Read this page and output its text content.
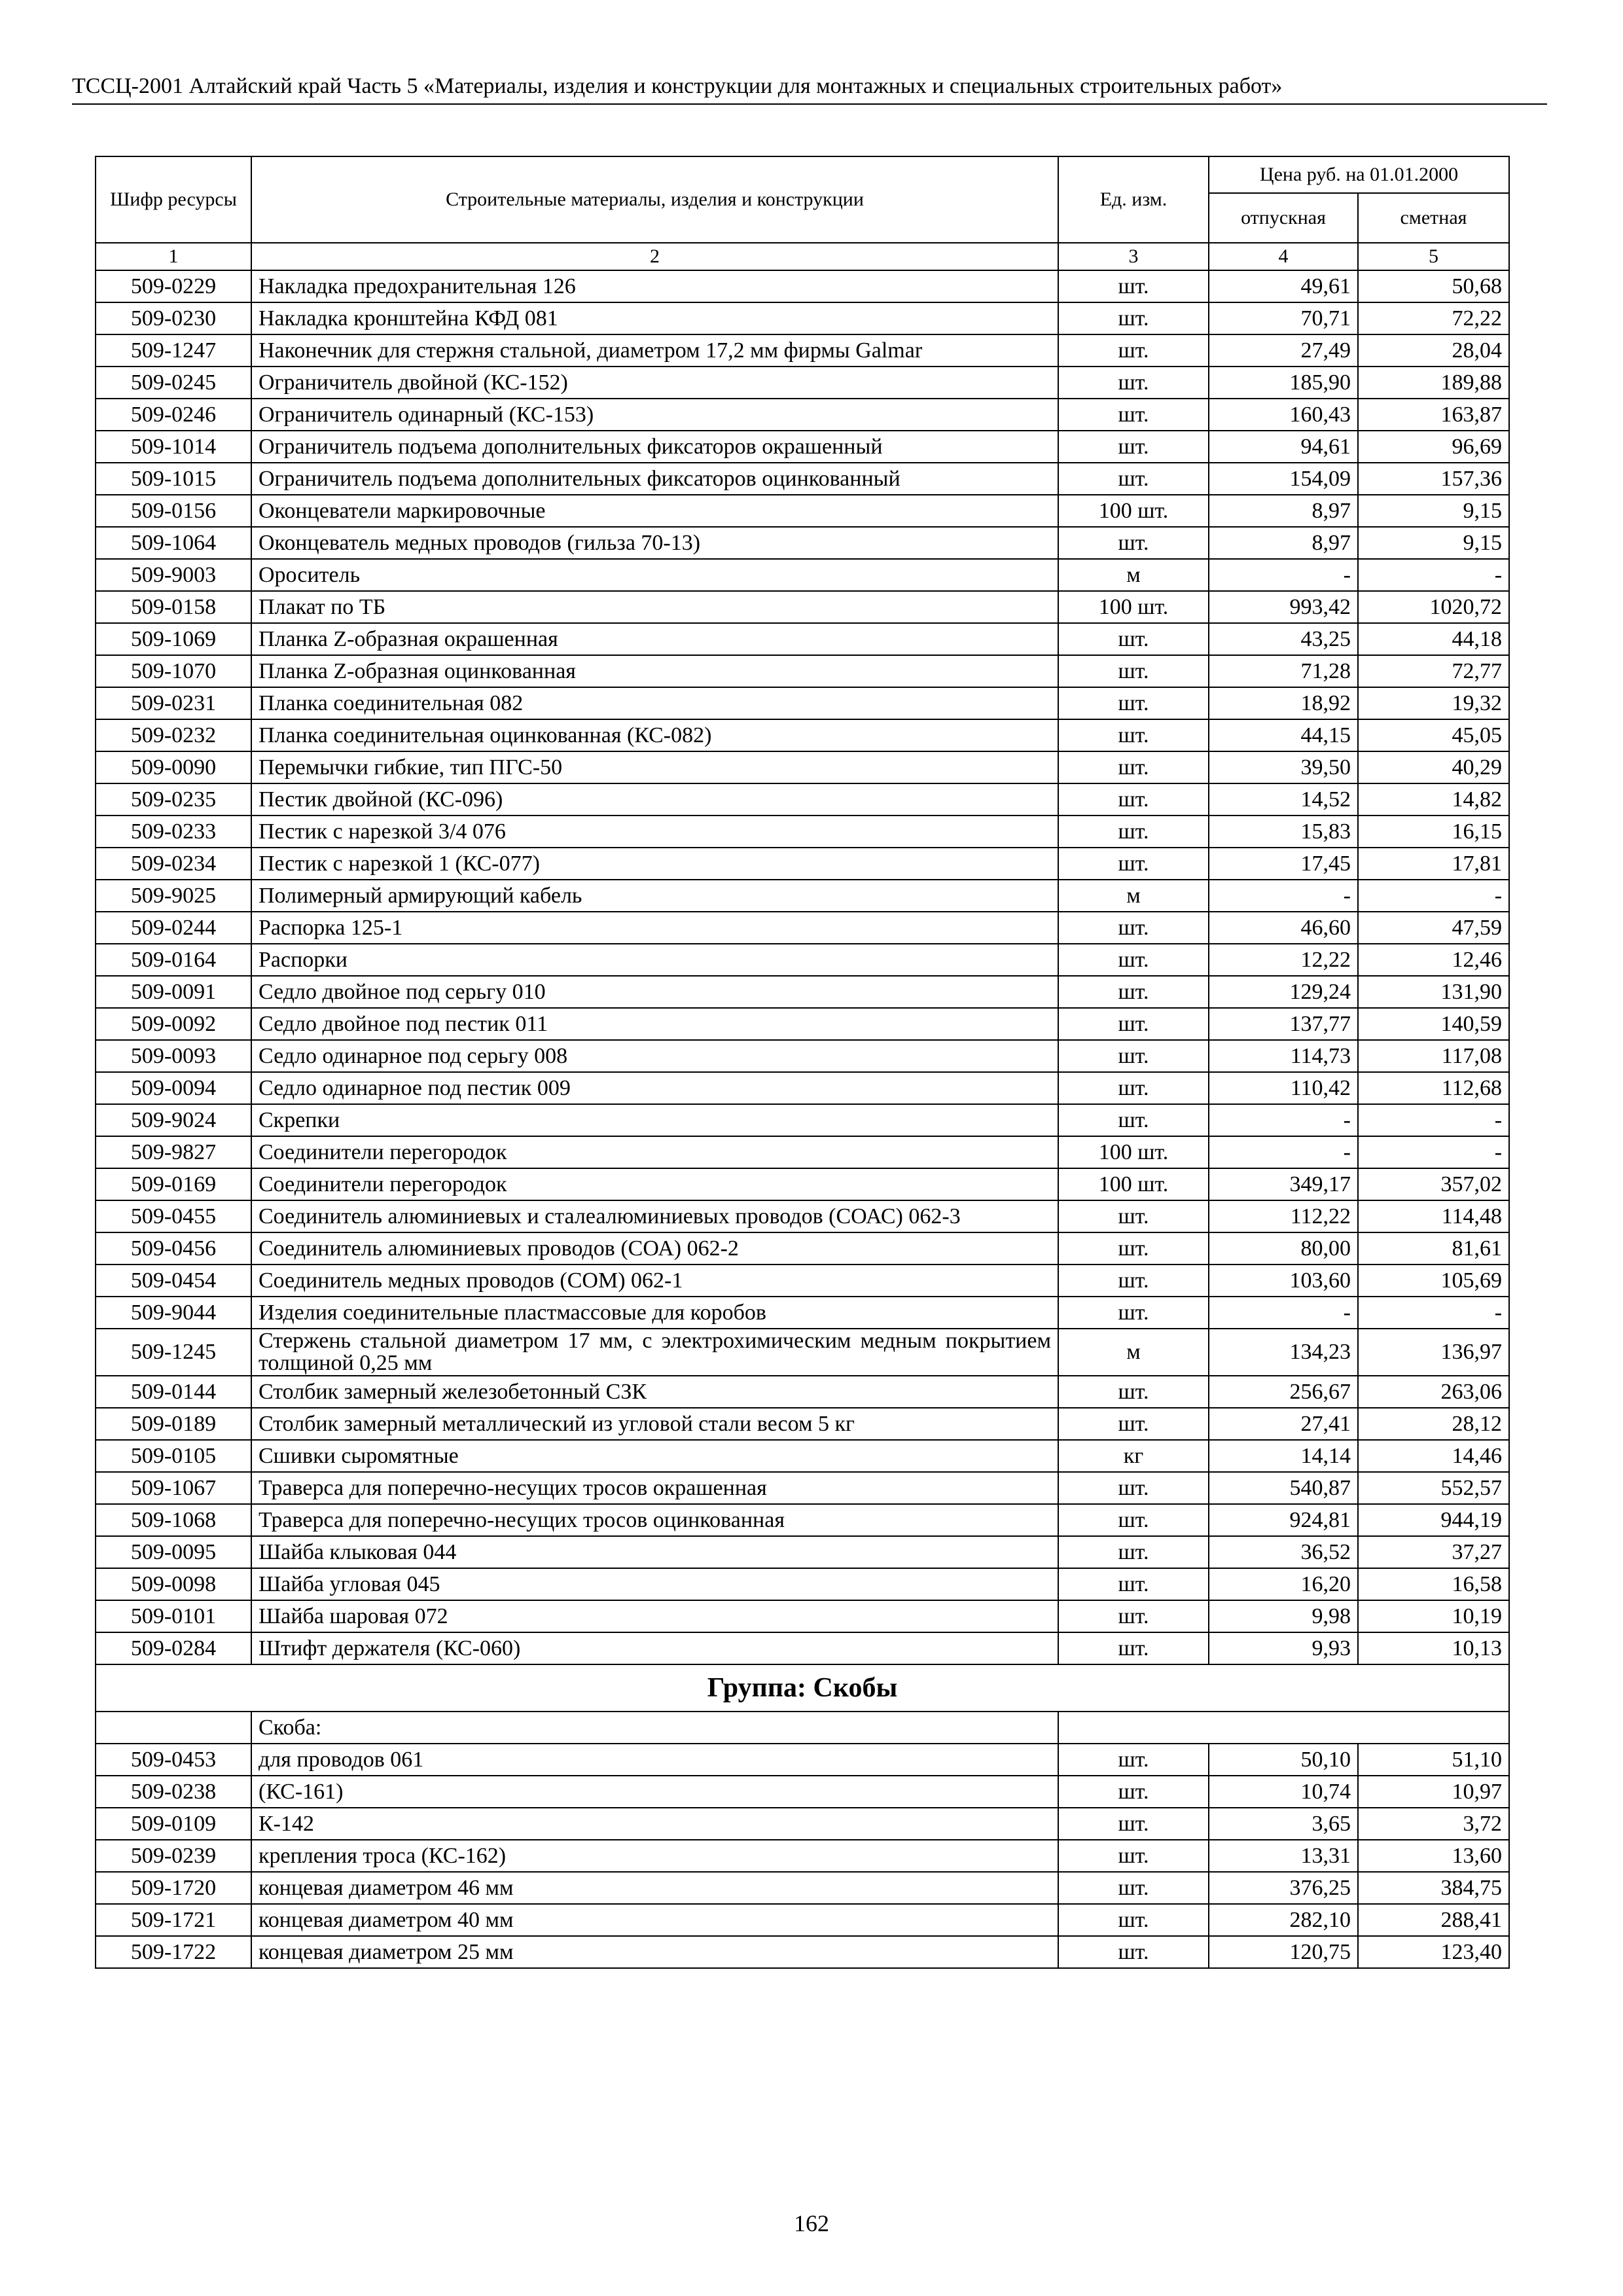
ТССЦ-2001 Алтайский край Часть 5 «Материалы, изделия и конструкции для монтажных и специальных строительных работ»
Шифр ресурсы	Строительные материалы, изделия и конструкции	Ед. изм.	Цена руб. на 01.01.2000	
			отпускная	сметная
1	2	3	4	5
509-0229	Накладка предохранительная 126	шт.	49,61	50,68
509-0230	Накладка кронштейна КФД 081	шт.	70,71	72,22
509-1247	Наконечник для стержня стальной, диаметром 17,2 мм фирмы Galmar	шт.	27,49	28,04
509-0245	Ограничитель двойной (КС-152)	шт.	185,90	189,88
509-0246	Ограничитель одинарный (КС-153)	шт.	160,43	163,87
509-1014	Ограничитель подъема дополнительных фиксаторов окрашенный	шт.	94,61	96,69
509-1015	Ограничитель подъема дополнительных фиксаторов оцинкованный	шт.	154,09	157,36
509-0156	Оконцеватели маркировочные	100 шт.	8,97	9,15
509-1064	Оконцеватель медных проводов (гильза 70-13)	шт.	8,97	9,15
509-9003	Ороситель	м	-	-
509-0158	Плакат по ТБ	100 шт.	993,42	1020,72
509-1069	Планка Z-образная окрашенная	шт.	43,25	44,18
509-1070	Планка Z-образная оцинкованная	шт.	71,28	72,77
509-0231	Планка соединительная 082	шт.	18,92	19,32
509-0232	Планка соединительная оцинкованная (КС-082)	шт.	44,15	45,05
509-0090	Перемычки гибкие, тип ПГС-50	шт.	39,50	40,29
509-0235	Пестик двойной (КС-096)	шт.	14,52	14,82
509-0233	Пестик с нарезкой 3/4 076	шт.	15,83	16,15
509-0234	Пестик с нарезкой 1 (КС-077)	шт.	17,45	17,81
509-9025	Полимерный армирующий кабель	м	-	-
509-0244	Распорка 125-1	шт.	46,60	47,59
509-0164	Распорки	шт.	12,22	12,46
509-0091	Седло двойное под серьгу 010	шт.	129,24	131,90
509-0092	Седло двойное под пестик 011	шт.	137,77	140,59
509-0093	Седло одинарное под серьгу 008	шт.	114,73	117,08
509-0094	Седло одинарное под пестик 009	шт.	110,42	112,68
509-9024	Скрепки	шт.	-	-
509-9827	Соединители перегородок	100 шт.	-	-
509-0169	Соединители перегородок	100 шт.	349,17	357,02
509-0455	Соединитель алюминиевых и сталеалюминиевых проводов (СОАС) 062-3	шт.	112,22	114,48
509-0456	Соединитель алюминиевых проводов (СОА) 062-2	шт.	80,00	81,61
509-0454	Соединитель медных проводов (СОМ) 062-1	шт.	103,60	105,69
509-9044	Изделия соединительные пластмассовые для коробов	шт.	-	-
509-1245	Стержень стальной диаметром 17 мм, с электрохимическим медным покрытием толщиной 0,25 мм	м	134,23	136,97
509-0144	Столбик замерный железобетонный СЗК	шт.	256,67	263,06
509-0189	Столбик замерный металлический из угловой стали весом 5 кг	шт.	27,41	28,12
509-0105	Сшивки сыромятные	кг	14,14	14,46
509-1067	Траверса для поперечно-несущих тросов окрашенная	шт.	540,87	552,57
509-1068	Траверса для поперечно-несущих тросов оцинкованная	шт.	924,81	944,19
509-0095	Шайба клыковая 044	шт.	36,52	37,27
509-0098	Шайба угловая 045	шт.	16,20	16,58
509-0101	Шайба шаровая 072	шт.	9,98	10,19
509-0284	Штифт держателя (КС-060)	шт.	9,93	10,13
Группа: Скобы				
	Скоба:			
509-0453	для проводов 061	шт.	50,10	51,10
509-0238	(КС-161)	шт.	10,74	10,97
509-0109	К-142	шт.	3,65	3,72
509-0239	крепления троса (КС-162)	шт.	13,31	13,60
509-1720	концевая диаметром 46 мм	шт.	376,25	384,75
509-1721	концевая диаметром 40 мм	шт.	282,10	288,41
509-1722	концевая диаметром 25 мм	шт.	120,75	123,40
162
